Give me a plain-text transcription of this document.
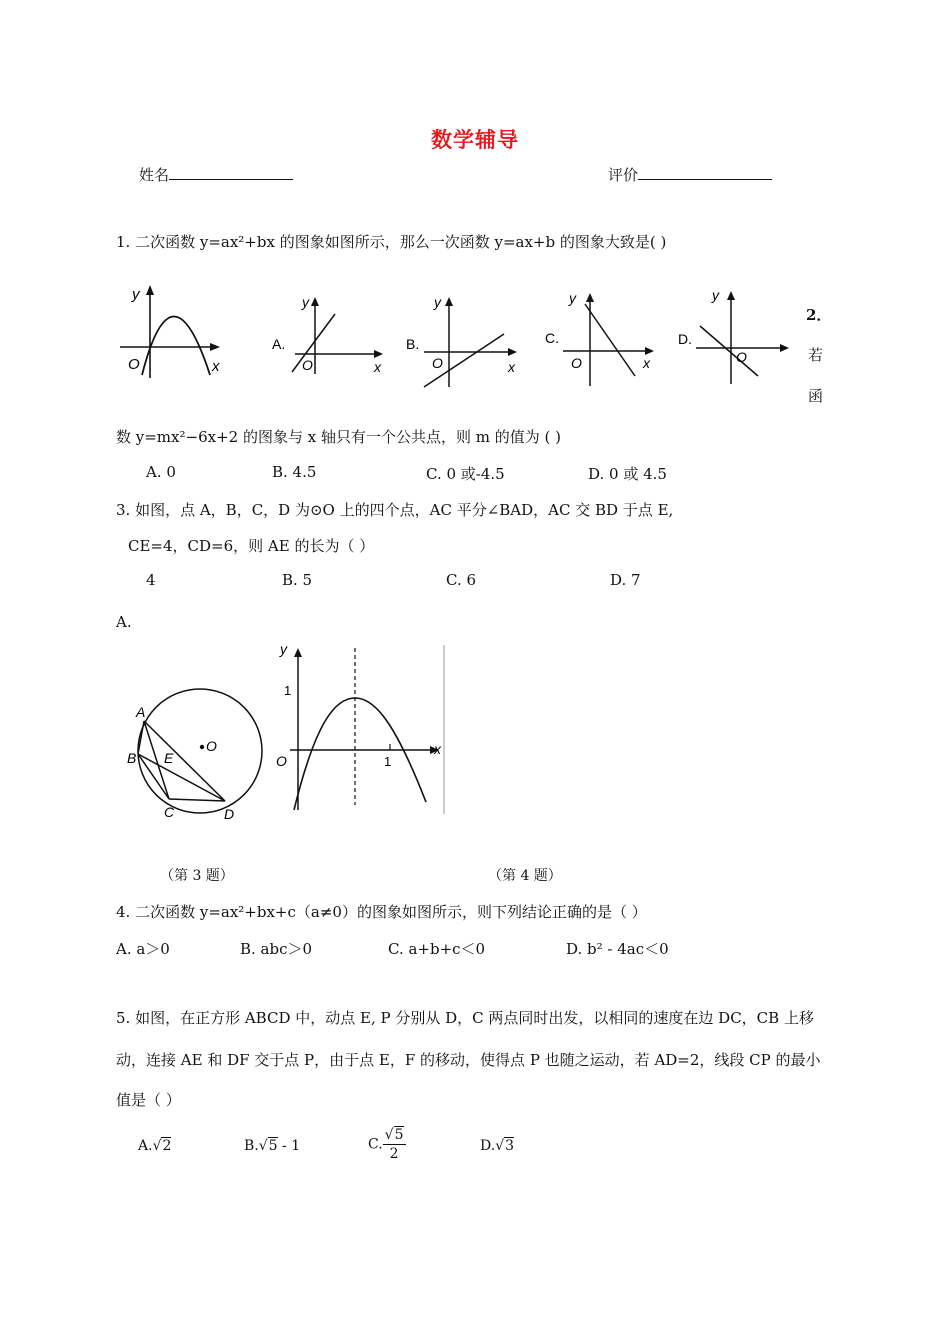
数学辅导
姓名	评价
1. 二次函数 y=ax²+bx 的图象如图所示，那么一次函数 y=ax+b 的图象大致是( )
y
x
O
A.
y
x
O
B.
y
x
O
C.
y
x
O
D.
y
O
2．
若
函
数 y=mx²−6x+2 的图象与 x 轴只有一个公共点，则 m 的值为 ( )
A. 0	B. 4.5	C. 0 或-4.5	D. 0 或 4.5
3. 如图，点 A，B，C，D 为⊙O 上的四个点，AC 平分∠BAD，AC 交 BD 于点 E,
CE=4，CD=6，则 AE 的长为（ ）
4	B. 5	C. 6	D. 7
A.
A
B
C	D
E
O
y
x
O
1
1
（第 3 题）	（第 4 题）
4. 二次函数 y=ax²+bx+c（a≠0）的图象如图所示，则下列结论正确的是（ ）
A. a＞0	B. abc＞0	C. a+b+c＜0	D. b² - 4ac＜0
5. 如图，在正方形 ABCD 中，动点 E, P 分别从 D，C 两点同时出发，以相同的速度在边 DC，CB 上移
动，连接 AE 和 DF 交于点 P，由于点 E，F 的移动，使得点 P 也随之运动，若 AD=2，线段 CP 的最小
值是（ ）
A.√2	B.√5 - 1	C. $\frac{√5}{2}$	D.√3
